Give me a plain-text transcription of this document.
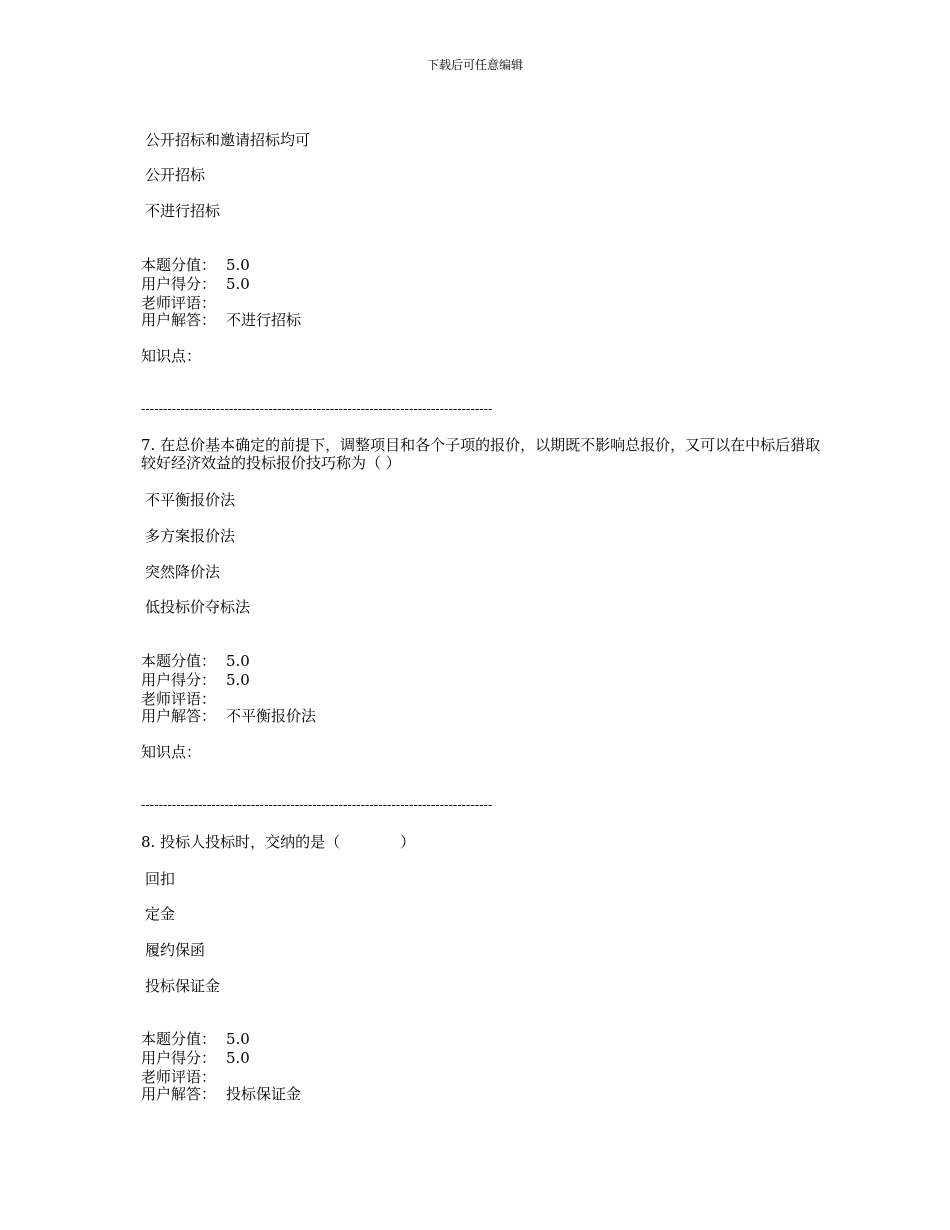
下载后可任意编辑
公开招标和邀请招标均可
公开招标
不进行招标
本题分值： 5.0
用户得分： 5.0
老师评语：
用户解答： 不进行招标
知识点：
--------------------------------------------------------------------------------
7. 在总价基本确定的前提下，调整项目和各个子项的报价，以期既不影响总报价，又可以在中标后猎取较好经济效益的投标报价技巧称为（ ）
不平衡报价法
多方案报价法
突然降价法
低投标价夺标法
本题分值： 5.0
用户得分： 5.0
老师评语：
用户解答： 不平衡报价法
知识点：
--------------------------------------------------------------------------------
8. 投标人投标时，交纳的是（　　　　）
回扣
定金
履约保函
投标保证金
本题分值： 5.0
用户得分： 5.0
老师评语：
用户解答： 投标保证金
